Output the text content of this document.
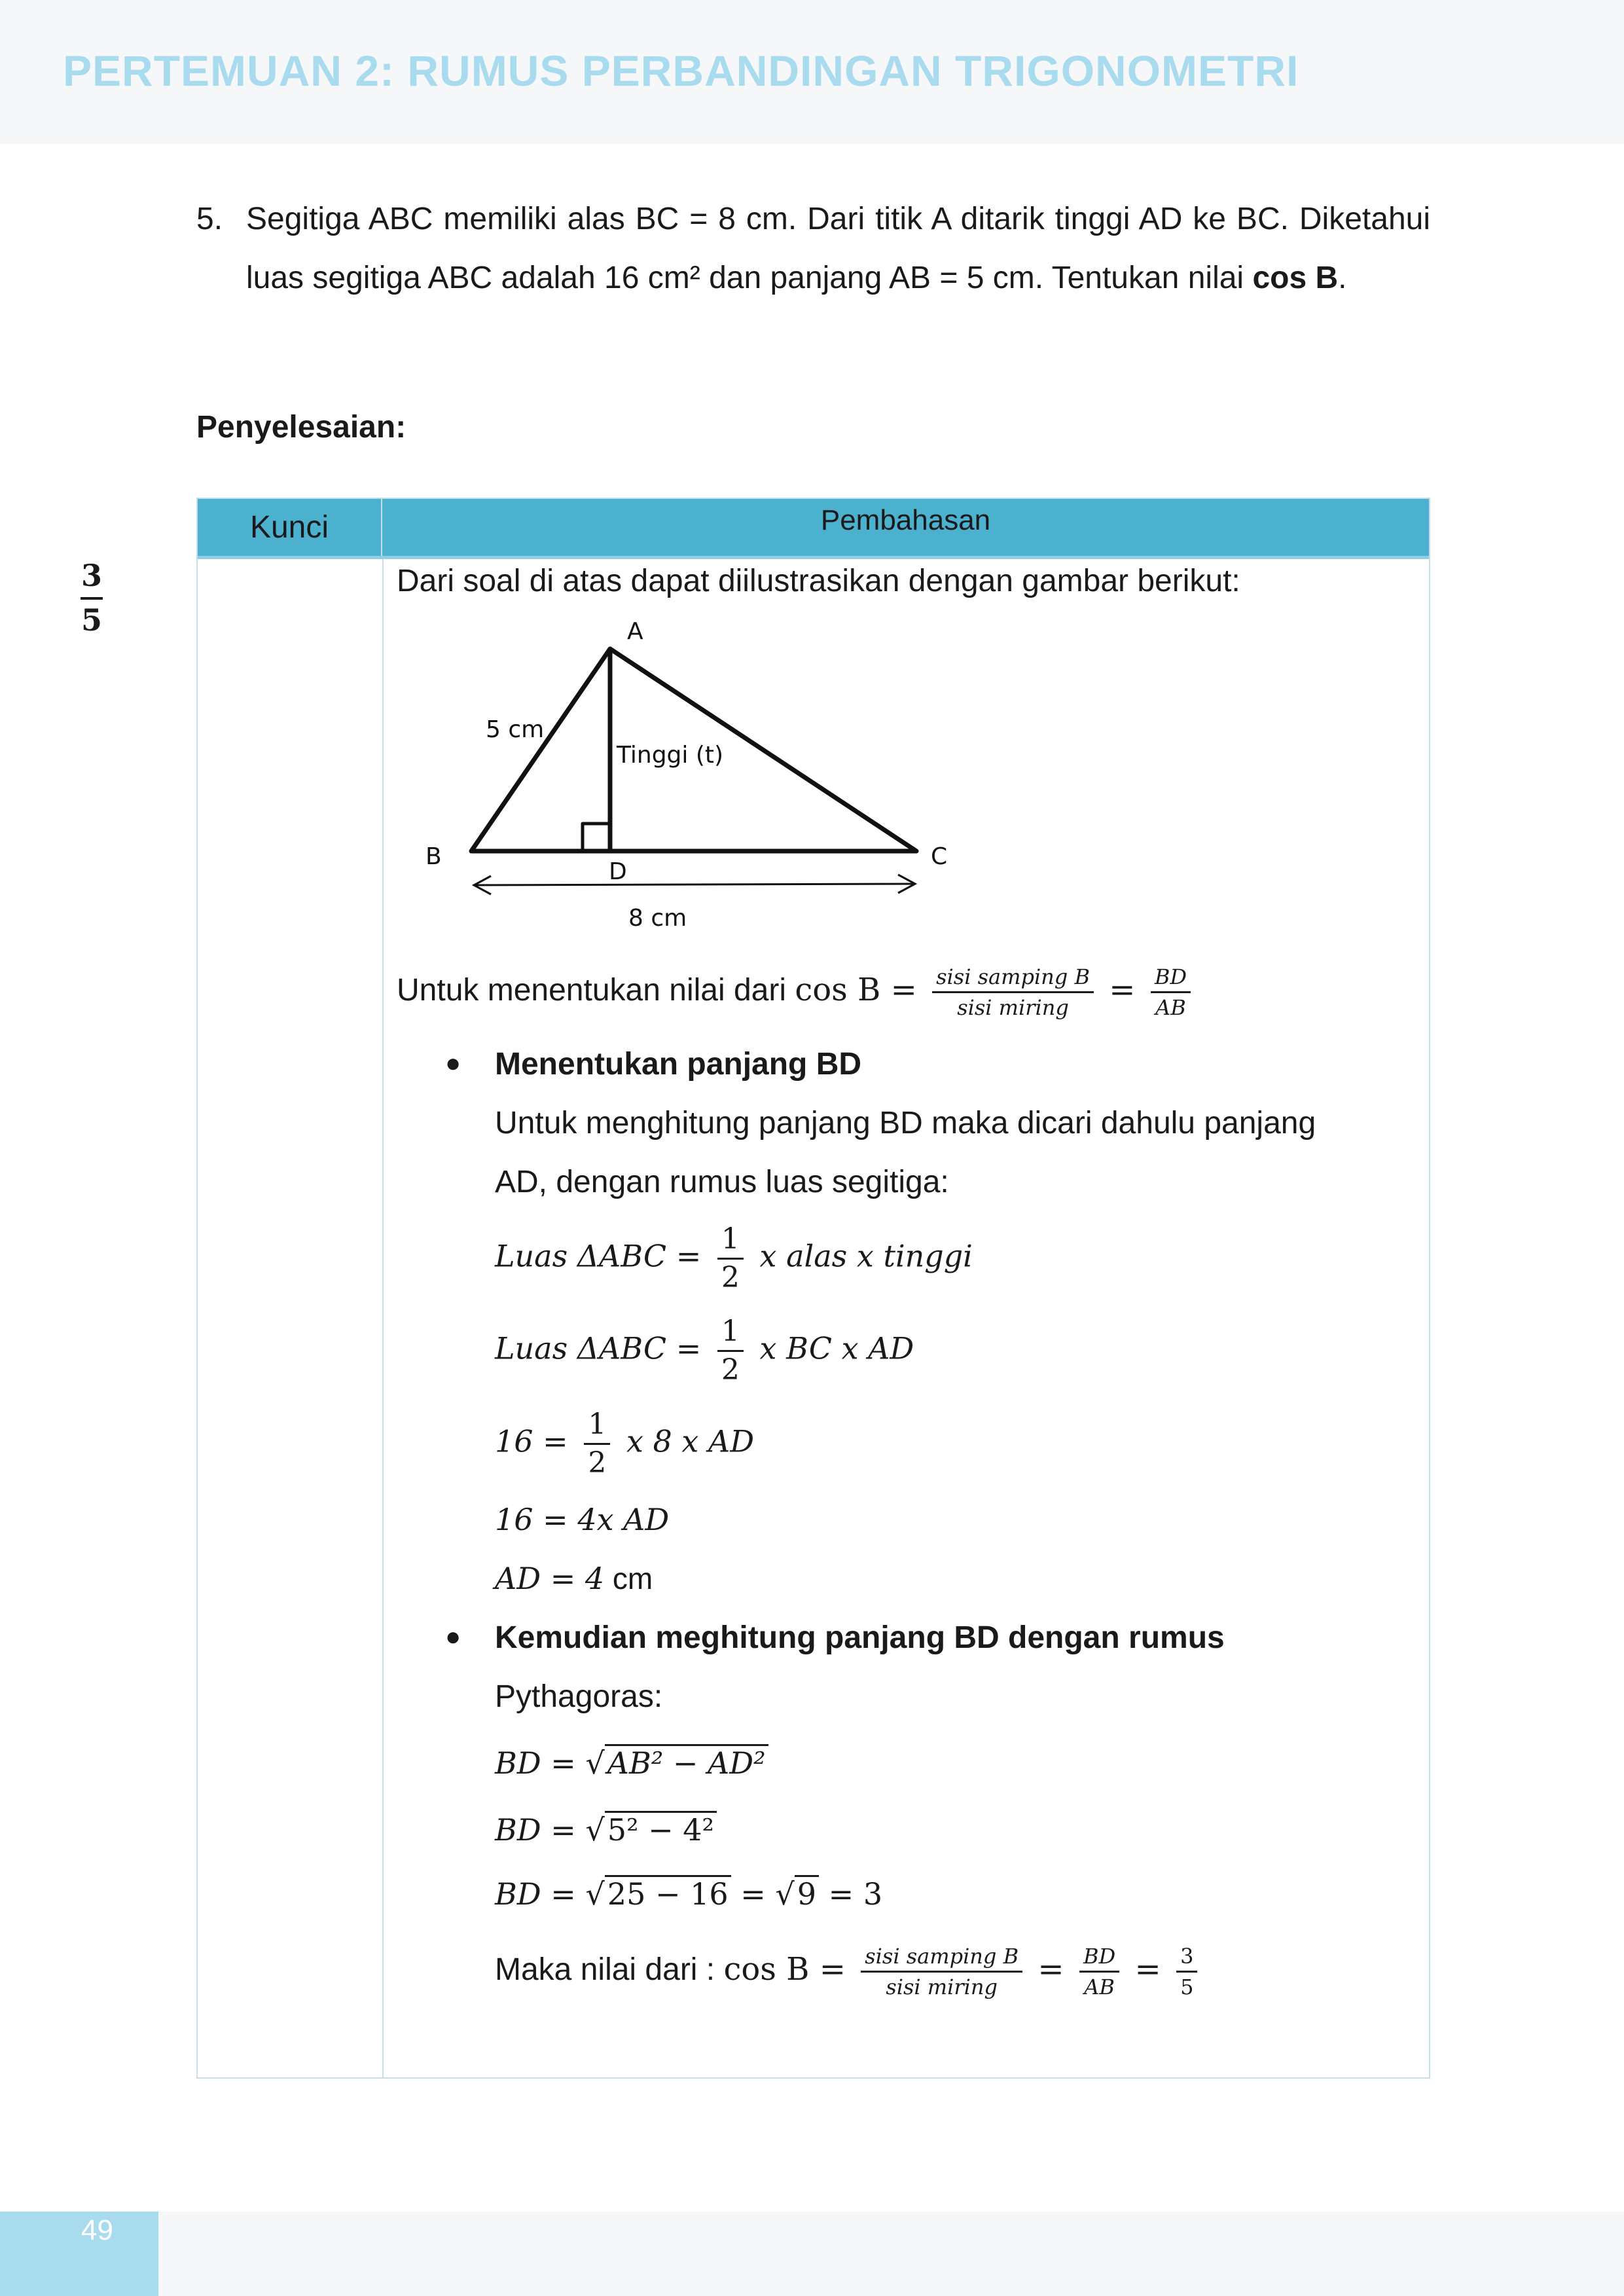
PERTEMUAN 2: RUMUS PERBANDINGAN TRIGONOMETRI
5. Segitiga ABC memiliki alas BC = 8 cm. Dari titik A ditarik tinggi AD ke BC. Diketahui luas segitiga ABC adalah 16 cm² dan panjang AB = 5 cm. Tentukan nilai cos B.
Penyelesaian:
Kunci	Pembahasan
3
5
Dari soal di atas dapat diilustrasikan dengan gambar berikut:
A
B	C
D
5 cm
Tinggi (t)
8 cm
Untuk menentukan nilai dari $\cos B = \frac{\text{sisi samping B}}{\text{sisi miring}} = \frac{BD}{AB}$
● Menentukan panjang BD
Untuk menghitung panjang BD maka dicari dahulu panjang
AD, dengan rumus luas segitiga:
Luas $\Delta ABC = \frac{1}{2}$ x alas x tinggi
Luas $\Delta ABC = \frac{1}{2}$ x BC x AD
$16 = \frac{1}{2}$ x 8 x AD
16 = 4x AD
AD = 4 cm
● Kemudian meghitung panjang BD dengan rumus
Pythagoras:
BD = √AB² − AD²
BD = √5² − 4²
BD = √25 − 16 = √9 = 3
Maka nilai dari : $\cos B = \frac{\text{sisi samping B}}{\text{sisi miring}} = \frac{BD}{AB} = \frac{3}{5}$
49
